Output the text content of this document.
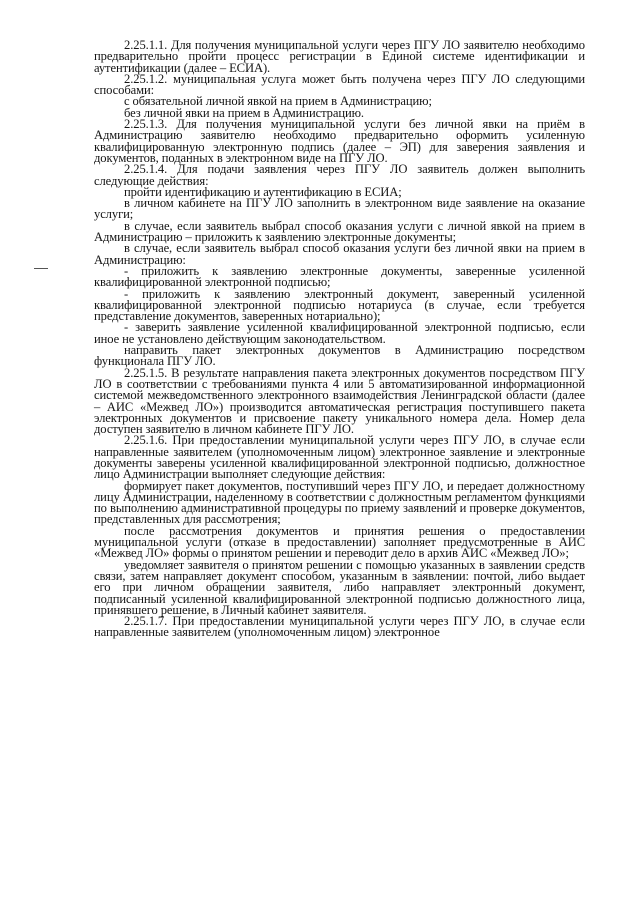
2.25.1.1. Для получения муниципальной услуги через ПГУ ЛО заявителю необходимо предварительно пройти процесс регистрации в Единой системе идентификации и аутентификации (далее – ЕСИА).

2.25.1.2. муниципальная услуга может быть получена через ПГУ ЛО следующими способами:

с обязательной личной явкой на прием в Администрацию;

без личной явки на прием в Администрацию.

2.25.1.3. Для получения муниципальной услуги без личной явки на приём в Администрацию заявителю необходимо предварительно оформить усиленную квалифицированную электронную подпись (далее – ЭП) для заверения заявления и документов, поданных в электронном виде на ПГУ ЛО.

2.25.1.4. Для подачи заявления через ПГУ ЛО заявитель должен выполнить следующие действия:

пройти идентификацию и аутентификацию в ЕСИА;

в личном кабинете на ПГУ ЛО заполнить в электронном виде заявление на оказание услуги;

в случае, если заявитель выбрал способ оказания услуги с личной явкой на прием в Администрацию – приложить к заявлению электронные документы;

в случае, если заявитель выбрал способ оказания услуги без личной явки на прием в Администрацию:

- приложить к заявлению электронные документы, заверенные усиленной квалифицированной электронной подписью;

- приложить к заявлению электронный документ, заверенный усиленной квалифицированной электронной подписью нотариуса (в случае, если требуется представление документов, заверенных нотариально);

- заверить заявление усиленной квалифицированной электронной подписью, если иное не установлено действующим законодательством.

направить пакет электронных документов в Администрацию посредством функционала ПГУ ЛО.

2.25.1.5. В результате направления пакета электронных документов посредством ПГУ ЛО в соответствии с требованиями пункта 4 или 5 автоматизированной информационной системой межведомственного электронного взаимодействия Ленинградской области (далее – АИС «Межвед ЛО») производится автоматическая регистрация поступившего пакета электронных документов и присвоение пакету уникального номера дела. Номер дела доступен заявителю в личном кабинете ПГУ ЛО.

2.25.1.6. При предоставлении муниципальной услуги через ПГУ ЛО, в случае если направленные заявителем (уполномоченным лицом) электронное заявление и электронные документы заверены усиленной квалифицированной электронной подписью, должностное лицо Администрации выполняет следующие действия:

формирует пакет документов, поступивший через ПГУ ЛО, и передает должностному лицу Администрации, наделенному в соответствии с должностным регламентом функциями по выполнению административной процедуры по приему заявлений и проверке документов, представленных для рассмотрения;

после рассмотрения документов и принятия решения о предоставлении муниципальной услуги (отказе в предоставлении) заполняет предусмотренные в АИС «Межвед ЛО» формы о принятом решении и переводит дело в архив АИС «Межвед ЛО»;

уведомляет заявителя о принятом решении с помощью указанных в заявлении средств связи, затем направляет документ способом, указанным в заявлении: почтой, либо выдает его при личном обращении заявителя, либо направляет электронный документ, подписанный усиленной квалифицированной электронной подписью должностного лица, принявшего решение, в Личный кабинет заявителя.

2.25.1.7. При предоставлении муниципальной услуги через ПГУ ЛО, в случае если направленные заявителем (уполномоченным лицом) электронное
